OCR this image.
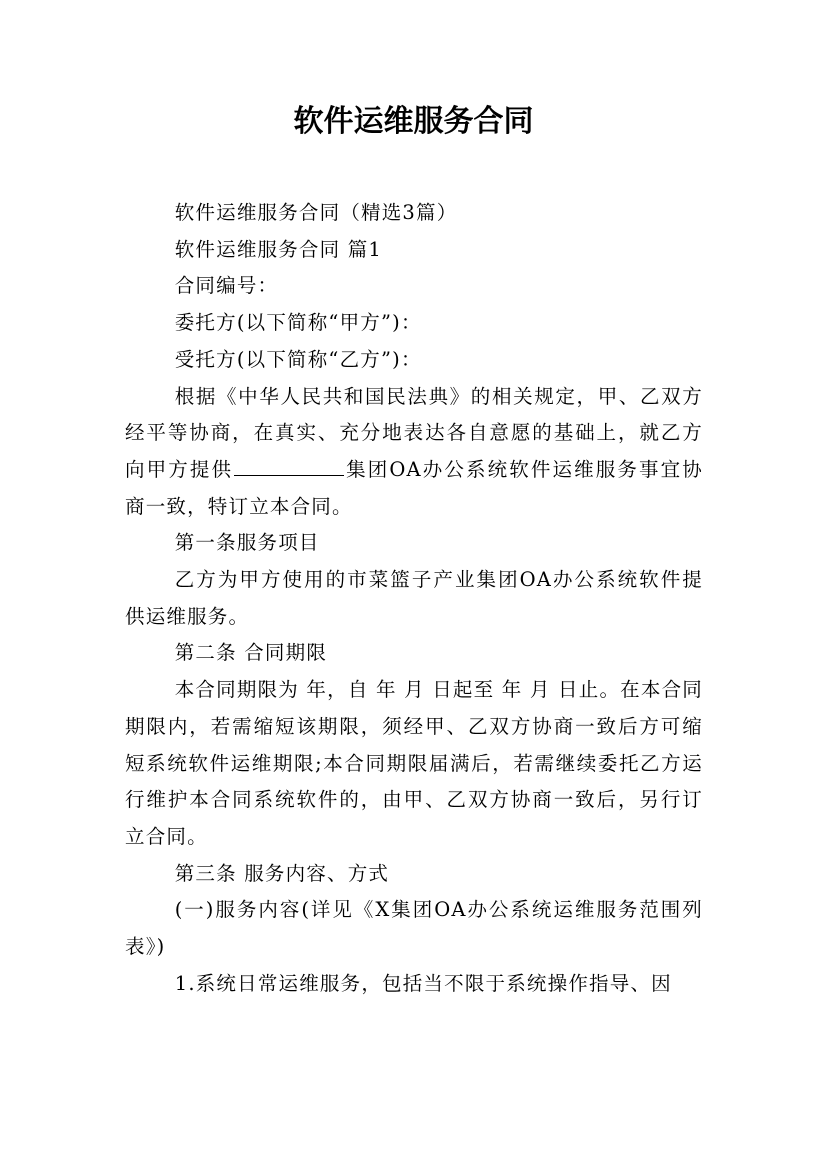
软件运维服务合同

软件运维服务合同（精选3篇）

软件运维服务合同 篇1

合同编号：

委托方(以下简称“甲方”)：

受托方(以下简称“乙方”)：

根据《中华人民共和国民法典》的相关规定，甲、乙双方经平等协商，在真实、充分地表达各自意愿的基础上，就乙方向甲方提供	集团OA办公系统软件运维服务事宜协商一致，特订立本合同。

第一条服务项目

乙方为甲方使用的市菜篮子产业集团OA办公系统软件提供运维服务。

第二条 合同期限

本合同期限为 年，自 年 月 日起至 年 月 日止。在本合同期限内，若需缩短该期限，须经甲、乙双方协商一致后方可缩短系统软件运维期限;本合同期限届满后，若需继续委托乙方运行维护本合同系统软件的，由甲、乙双方协商一致后，另行订立合同。

第三条 服务内容、方式

(一)服务内容(详见《X集团OA办公系统运维服务范围列表》)

1.系统日常运维服务，包括当不限于系统操作指导、因
